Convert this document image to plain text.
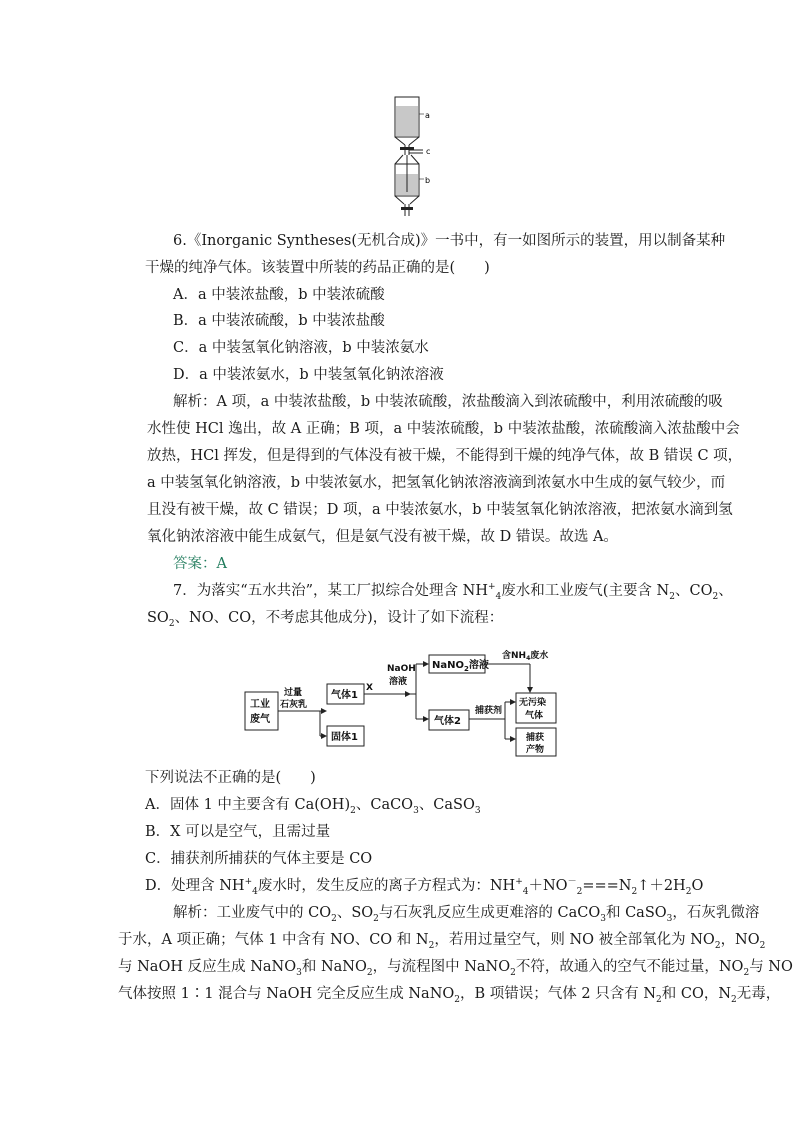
a
c
b
6.《Inorganic Syntheses(无机合成)》一书中，有一如图所示的装置，用以制备某种
干燥的纯净气体。该装置中所装的药品正确的是(　　)
A．a 中装浓盐酸，b 中装浓硫酸
B．a 中装浓硫酸，b 中装浓盐酸
C．a 中装氢氧化钠溶液，b 中装浓氨水
D．a 中装浓氨水，b 中装氢氧化钠浓溶液
解析：A 项，a 中装浓盐酸，b 中装浓硫酸，浓盐酸滴入到浓硫酸中，利用浓硫酸的吸
水性使 HCl 逸出，故 A 正确；B 项，a 中装浓硫酸，b 中装浓盐酸，浓硫酸滴入浓盐酸中会
放热，HCl 挥发，但是得到的气体没有被干燥，不能得到干燥的纯净气体，故 B 错误 C 项，
a 中装氢氧化钠溶液，b 中装浓氨水，把氢氧化钠浓溶液滴到浓氨水中生成的氨气较少，而
且没有被干燥，故 C 错误；D 项，a 中装浓氨水，b 中装氢氧化钠浓溶液，把浓氨水滴到氢
氧化钠浓溶液中能生成氨气，但是氨气没有被干燥，故 D 错误。故选 A。
答案：A
7．为落实“五水共治”，某工厂拟综合处理含 $NH^+_4$废水和工业废气(主要含 $N_2$、$CO_2$、
$SO_2$、NO、CO，不考虑其他成分)，设计了如下流程：
工业
废气
过量
石灰乳
气体1
固体1
X
NaOH
溶液
NaNO$_2$溶液
含$NH_4$废水
气体2
捕获剂
无污染
气体
捕获
产物
下列说法不正确的是(　　)
A．固体 1 中主要含有 $Ca(OH)_2$、CaCO$_3$、CaSO$_3$
B．X 可以是空气，且需过量
C．捕获剂所捕获的气体主要是 CO
D．处理含 $NH^+_4$废水时，发生反应的离子方程式为：$NH^+_4+NO^-_2===N_2↑+2H_2O$
解析：工业废气中的 $CO_2$、$SO_2$与石灰乳反应生成更难溶的 CaCO$_3$和 CaSO$_3$，石灰乳微溶
于水，A 项正确；气体 1 中含有 NO、CO 和 $N_2$，若用过量空气，则 NO 被全部氧化为 $NO_2$，$NO_2$
与 NaOH 反应生成 NaNO$_3$和 NaNO$_2$，与流程图中 NaNO$_2$不符，故通入的空气不能过量，$NO_2$与 NO
气体按照 1∶1 混合与 NaOH 完全反应生成 NaNO$_2$，B 项错误；气体 2 只含有 $N_2$和 CO，$N_2$无毒，
